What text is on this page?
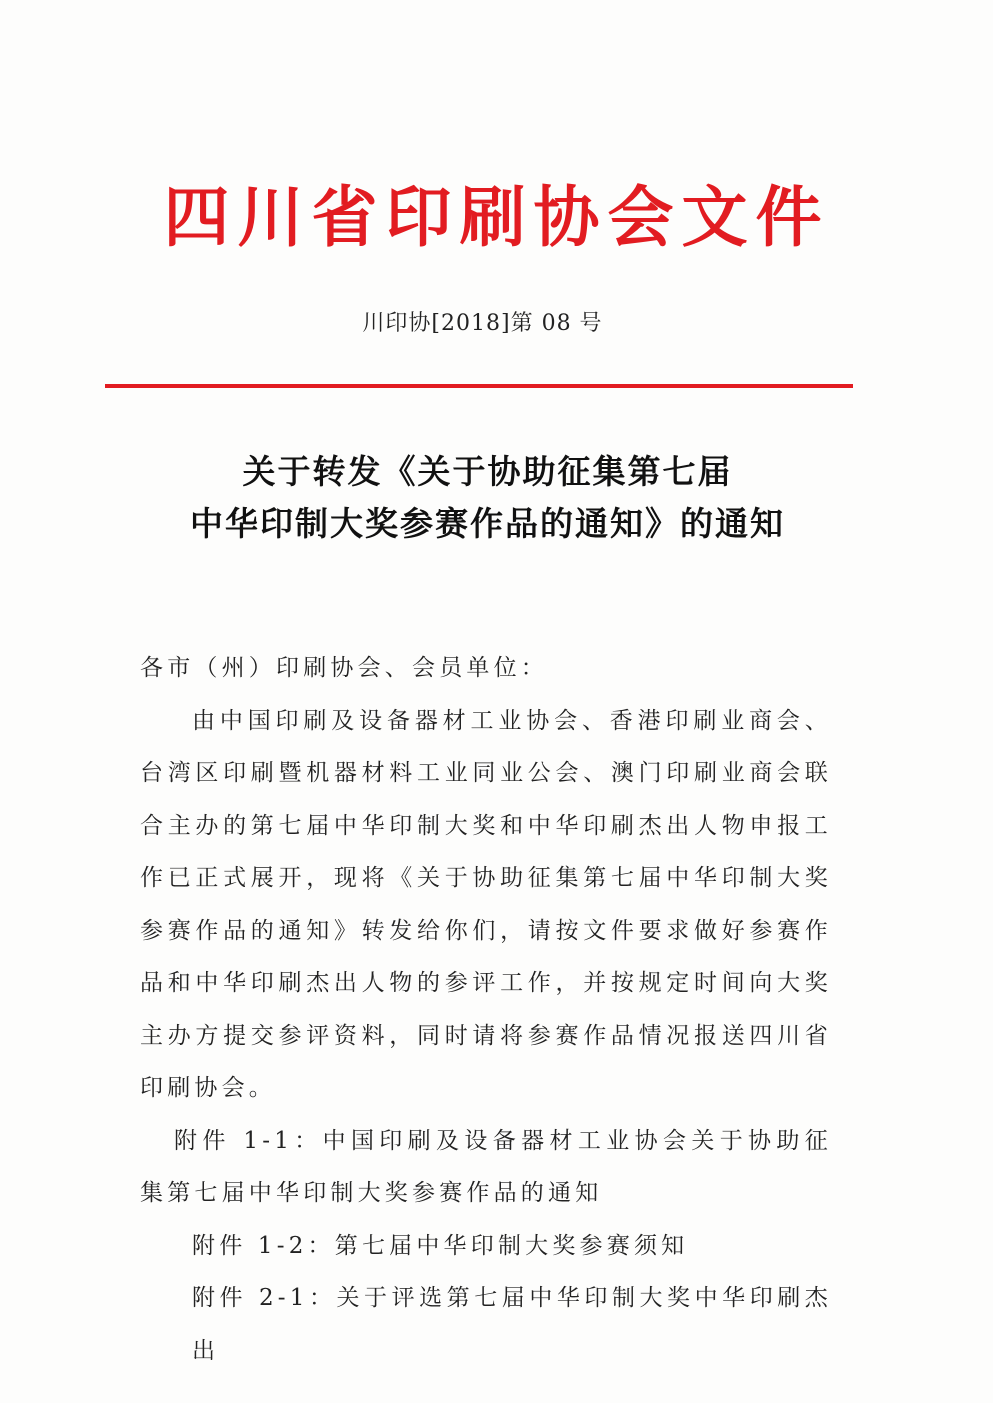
四川省印刷协会文件
川印协[2018]第 08 号
关于转发《关于协助征集第七届
中华印制大奖参赛作品的通知》的通知

各市（州）印刷协会、会员单位：

由中国印刷及设备器材工业协会、香港印刷业商会、台湾区印刷暨机器材料工业同业公会、澳门印刷业商会联合主办的第七届中华印制大奖和中华印刷杰出人物申报工作已正式展开，现将《关于协助征集第七届中华印制大奖参赛作品的通知》转发给你们，请按文件要求做好参赛作品和中华印刷杰出人物的参评工作，并按规定时间向大奖主办方提交参评资料，同时请将参赛作品情况报送四川省印刷协会。

附件 1-1：中国印刷及设备器材工业协会关于协助征集第七届中华印制大奖参赛作品的通知

附件 1-2：第七届中华印制大奖参赛须知

附件 2-1：关于评选第七届中华印制大奖中华印刷杰出
